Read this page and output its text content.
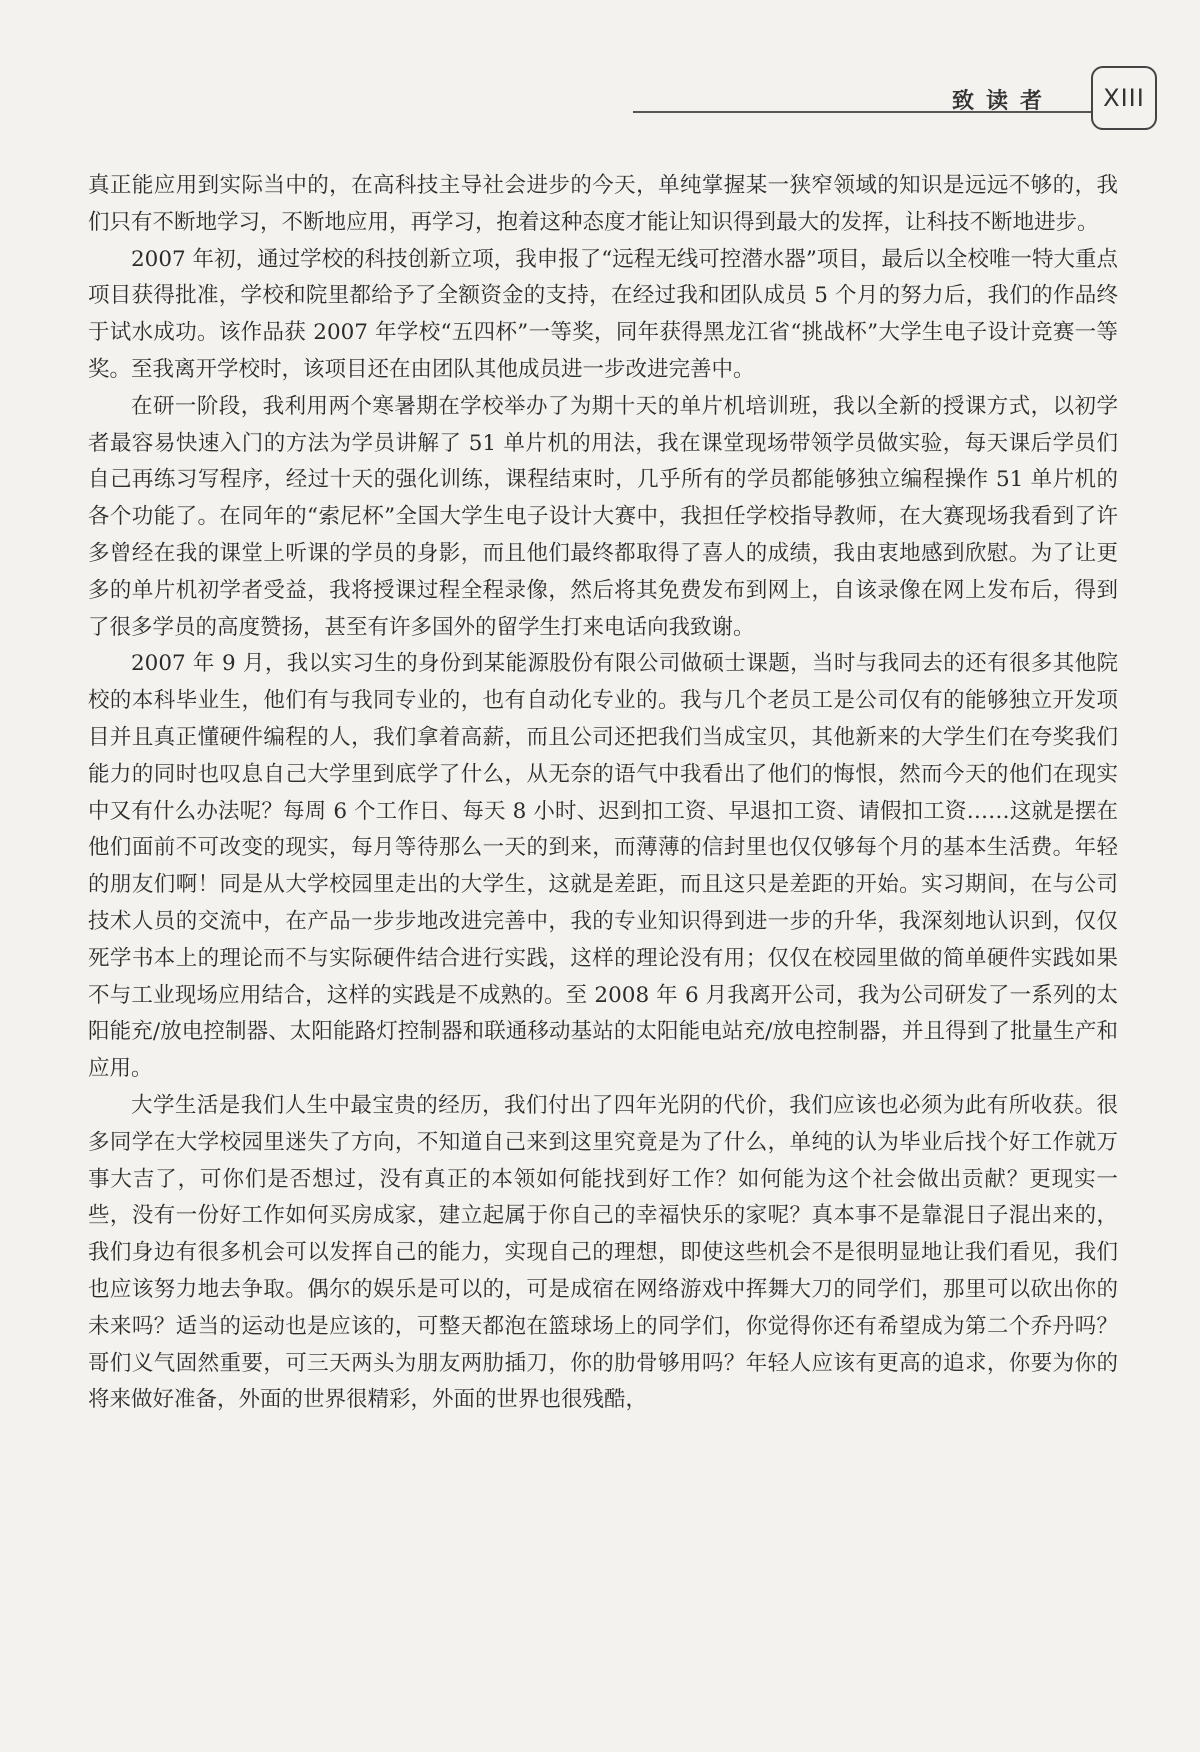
致读者 XIII

真正能应用到实际当中的，在高科技主导社会进步的今天，单纯掌握某一狭窄领域的知识是远远不够的，我们只有不断地学习，不断地应用，再学习，抱着这种态度才能让知识得到最大的发挥，让科技不断地进步。

2007 年初，通过学校的科技创新立项，我申报了“远程无线可控潜水器”项目，最后以全校唯一特大重点项目获得批准，学校和院里都给予了全额资金的支持，在经过我和团队成员 5 个月的努力后，我们的作品终于试水成功。该作品获 2007 年学校“五四杯”一等奖，同年获得黑龙江省“挑战杯”大学生电子设计竞赛一等奖。至我离开学校时，该项目还在由团队其他成员进一步改进完善中。

在研一阶段，我利用两个寒暑期在学校举办了为期十天的单片机培训班，我以全新的授课方式，以初学者最容易快速入门的方法为学员讲解了 51 单片机的用法，我在课堂现场带领学员做实验，每天课后学员们自己再练习写程序，经过十天的强化训练，课程结束时，几乎所有的学员都能够独立编程操作 51 单片机的各个功能了。在同年的“索尼杯”全国大学生电子设计大赛中，我担任学校指导教师，在大赛现场我看到了许多曾经在我的课堂上听课的学员的身影，而且他们最终都取得了喜人的成绩，我由衷地感到欣慰。为了让更多的单片机初学者受益，我将授课过程全程录像，然后将其免费发布到网上，自该录像在网上发布后，得到了很多学员的高度赞扬，甚至有许多国外的留学生打来电话向我致谢。

2007 年 9 月，我以实习生的身份到某能源股份有限公司做硕士课题，当时与我同去的还有很多其他院校的本科毕业生，他们有与我同专业的，也有自动化专业的。我与几个老员工是公司仅有的能够独立开发项目并且真正懂硬件编程的人，我们拿着高薪，而且公司还把我们当成宝贝，其他新来的大学生们在夸奖我们能力的同时也叹息自己大学里到底学了什么，从无奈的语气中我看出了他们的悔恨，然而今天的他们在现实中又有什么办法呢？每周 6 个工作日、每天 8 小时、迟到扣工资、早退扣工资、请假扣工资……这就是摆在他们面前不可改变的现实，每月等待那么一天的到来，而薄薄的信封里也仅仅够每个月的基本生活费。年轻的朋友们啊！同是从大学校园里走出的大学生，这就是差距，而且这只是差距的开始。实习期间，在与公司技术人员的交流中，在产品一步步地改进完善中，我的专业知识得到进一步的升华，我深刻地认识到，仅仅死学书本上的理论而不与实际硬件结合进行实践，这样的理论没有用；仅仅在校园里做的简单硬件实践如果不与工业现场应用结合，这样的实践是不成熟的。至 2008 年 6 月我离开公司，我为公司研发了一系列的太阳能充/放电控制器、太阳能路灯控制器和联通移动基站的太阳能电站充/放电控制器，并且得到了批量生产和应用。

大学生活是我们人生中最宝贵的经历，我们付出了四年光阴的代价，我们应该也必须为此有所收获。很多同学在大学校园里迷失了方向，不知道自己来到这里究竟是为了什么，单纯的认为毕业后找个好工作就万事大吉了，可你们是否想过，没有真正的本领如何能找到好工作？如何能为这个社会做出贡献？更现实一些，没有一份好工作如何买房成家，建立起属于你自己的幸福快乐的家呢？真本事不是靠混日子混出来的，我们身边有很多机会可以发挥自己的能力，实现自己的理想，即使这些机会不是很明显地让我们看见，我们也应该努力地去争取。偶尔的娱乐是可以的，可是成宿在网络游戏中挥舞大刀的同学们，那里可以砍出你的未来吗？适当的运动也是应该的，可整天都泡在篮球场上的同学们，你觉得你还有希望成为第二个乔丹吗？哥们义气固然重要，可三天两头为朋友两肋插刀，你的肋骨够用吗？年轻人应该有更高的追求，你要为你的将来做好准备，外面的世界很精彩，外面的世界也很残酷，
